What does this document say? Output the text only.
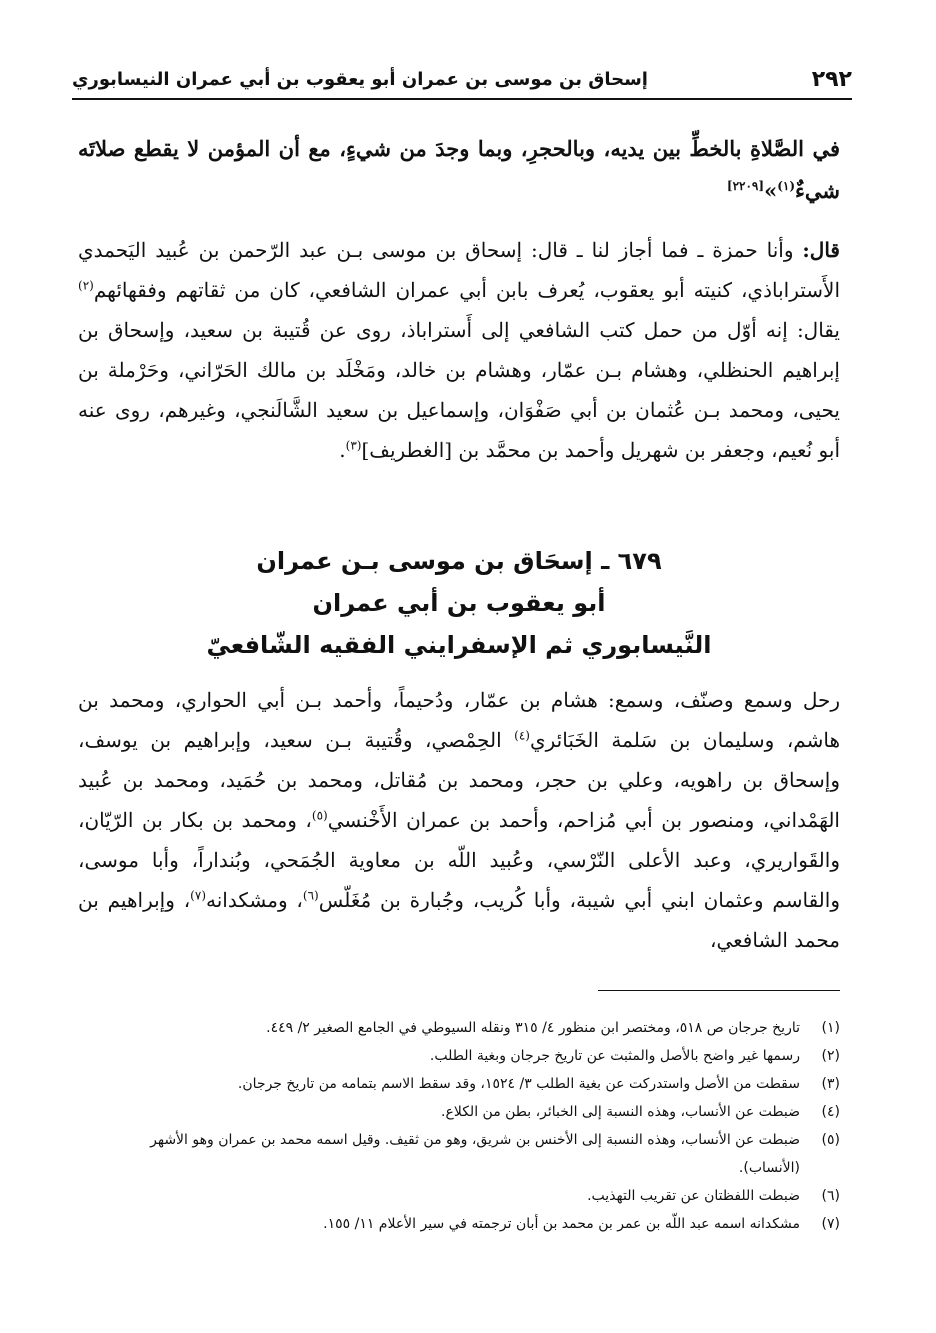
٢٩٢
إسحاق بن موسى بن عمران أبو يعقوب بن أبي عمران النيسابوري

في الصَّلاةِ بالخطِّ بين يديه، وبالحجرِ، وبما وجدَ من شيءٍ، مع أن المؤمن لا يقطع صلاتَه شيءٌ$^{(١)}$»[٢٢٠٩]

قال: وأنا حمزة ـ فما أجاز لنا ـ قال: إسحاق بن موسى بـن عبد الرّحمن بن عُبيد اليَحمدي الأَستراباذي، كنيته أبو يعقوب، يُعرف بابن أبي عمران الشافعي، كان من ثقاتهم وفقهائهم$^{(٢)}$ يقال: إنه أوّل من حمل كتب الشافعي إلى أَستراباذ، روى عن قُتيبة بن سعيد، وإسحاق بن إبراهيم الحنظلي، وهشام بـن عمّار، وهشام بن خالد، ومَخْلَد بن مالك الحَرّاني، وحَرْملة بن يحيى، ومحمد بـن عُثمان بن أبي صَفْوَان، وإسماعيل بن سعيد الشَّالَنجي، وغيرهم، روى عنه أبو نُعيم، وجعفر بن شهريل وأحمد بن محمَّد بن [الغطريف]$^{(٣)}$.

٦٧٩ ـ إسحَاق بن موسى بـن عمران
أبو يعقوب بن أبي عمران
النَّيسابوري ثم الإسفرايني الفقيه الشّافعيّ

رحل وسمع وصنّف، وسمع: هشام بن عمّار، ودُحيماً، وأحمد بـن أبي الحواري، ومحمد بن هاشم، وسليمان بن سَلمة الخَبَائري$^{(٤)}$ الحِمْصي، وقُتيبة بـن سعيد، وإبراهيم بن يوسف، وإسحاق بن راهويه، وعلي بن حجر، ومحمد بن مُقاتل، ومحمد بن حُمَيد، ومحمد بن عُبيد الهَمْداني، ومنصور بن أبي مُزاحم، وأحمد بن عمران الأَخْنسي$^{(٥)}$، ومحمد بن بكار بن الرّيّان، والقَواريري، وعبد الأعلى النّرْسي، وعُبيد اللّه بن معاوية الجُمَحي، وبُنداراً، وأبا موسى، والقاسم وعثمان ابني أبي شيبة، وأبا كُريب، وجُبارة بن مُغَلّس$^{(٦)}$، ومشكدانه$^{(٧)}$، وإبراهيم بن محمد الشافعي،

(١)
تاريخ جرجان ص ٥١٨، ومختصر ابن منظور ٤/ ٣١٥ ونقله السيوطي في الجامع الصغير ٢/ ٤٤٩.
(٢)
رسمها غير واضح بالأصل والمثبت عن تاريخ جرجان وبغية الطلب.
(٣)
سقطت من الأصل واستدركت عن بغية الطلب ٣/ ١٥٢٤، وقد سقط الاسم بتمامه من تاريخ جرجان.
(٤)
ضبطت عن الأنساب، وهذه النسبة إلى الخبائر، بطن من الكلاع.
(٥)
ضبطت عن الأنساب، وهذه النسبة إلى الأخنس بن شريق، وهو من ثقيف. وقيل اسمه محمد بن عمران وهو الأشهر (الأنساب).
(٦)
ضبطت اللفظتان عن تقريب التهذيب.
(٧)
مشكدانه اسمه عبد اللّه بن عمر بن محمد بن أبان ترجمته في سير الأعلام ١١/ ١٥٥.
